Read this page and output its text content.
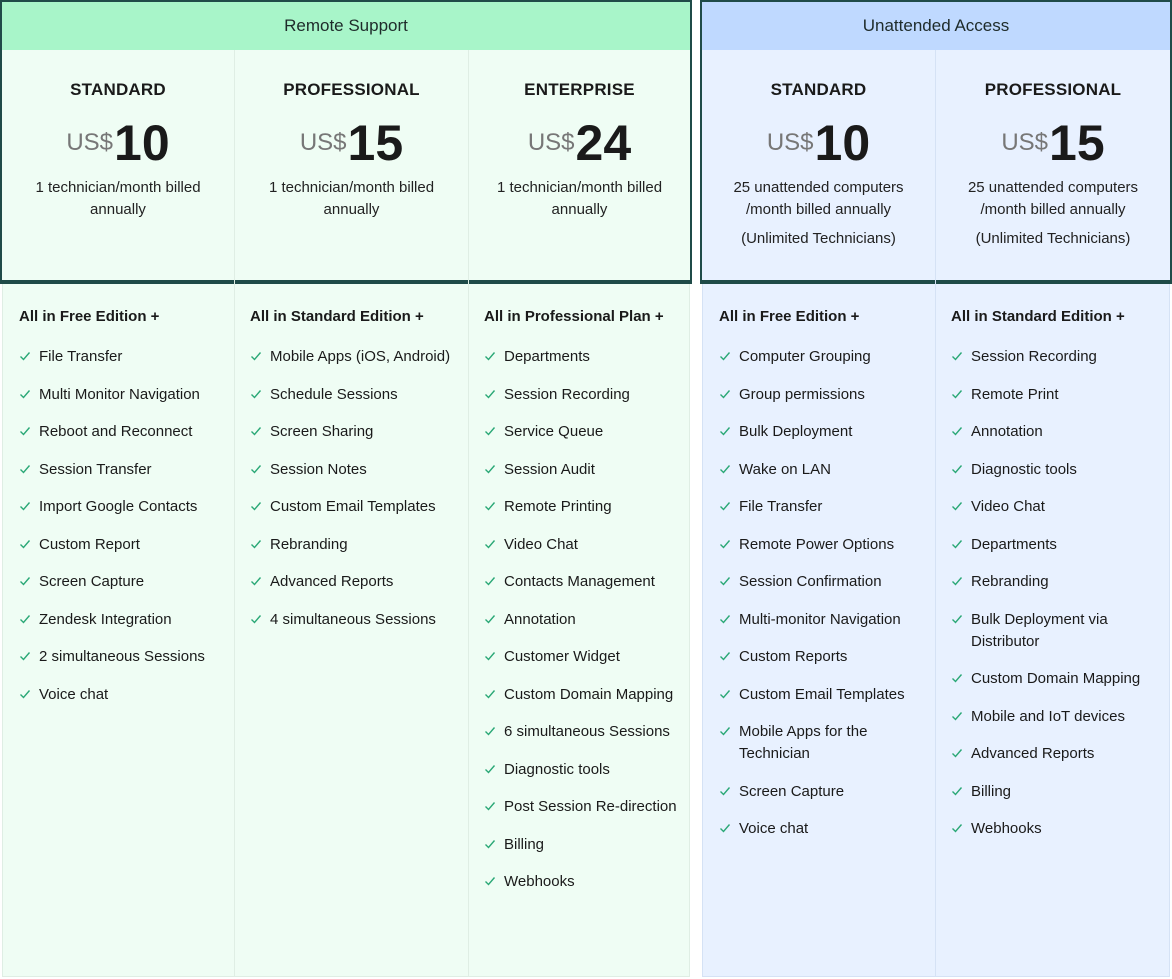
Remote Support
STANDARD
US$10
1 technician/month billed annually
All in Free Edition +
File Transfer
Multi Monitor Navigation
Reboot and Reconnect
Session Transfer
Import Google Contacts
Custom Report
Screen Capture
Zendesk Integration
2 simultaneous Sessions
Voice chat
PROFESSIONAL
US$15
1 technician/month billed annually
All in Standard Edition +
Mobile Apps (iOS, Android)
Schedule Sessions
Screen Sharing
Session Notes
Custom Email Templates
Rebranding
Advanced Reports
4 simultaneous Sessions
ENTERPRISE
US$24
1 technician/month billed annually
All in Professional Plan +
Departments
Session Recording
Service Queue
Session Audit
Remote Printing
Video Chat
Contacts Management
Annotation
Customer Widget
Custom Domain Mapping
6 simultaneous Sessions
Diagnostic tools
Post Session Re-direction
Billing
Webhooks
Unattended Access
STANDARD
US$10
25 unattended computers /month billed annually
(Unlimited Technicians)
All in Free Edition +
Computer Grouping
Group permissions
Bulk Deployment
Wake on LAN
File Transfer
Remote Power Options
Session Confirmation
Multi-monitor Navigation
Custom Reports
Custom Email Templates
Mobile Apps for the Technician
Screen Capture
Voice chat
PROFESSIONAL
US$15
25 unattended computers /month billed annually
(Unlimited Technicians)
All in Standard Edition +
Session Recording
Remote Print
Annotation
Diagnostic tools
Video Chat
Departments
Rebranding
Bulk Deployment via Distributor
Custom Domain Mapping
Mobile and IoT devices
Advanced Reports
Billing
Webhooks
